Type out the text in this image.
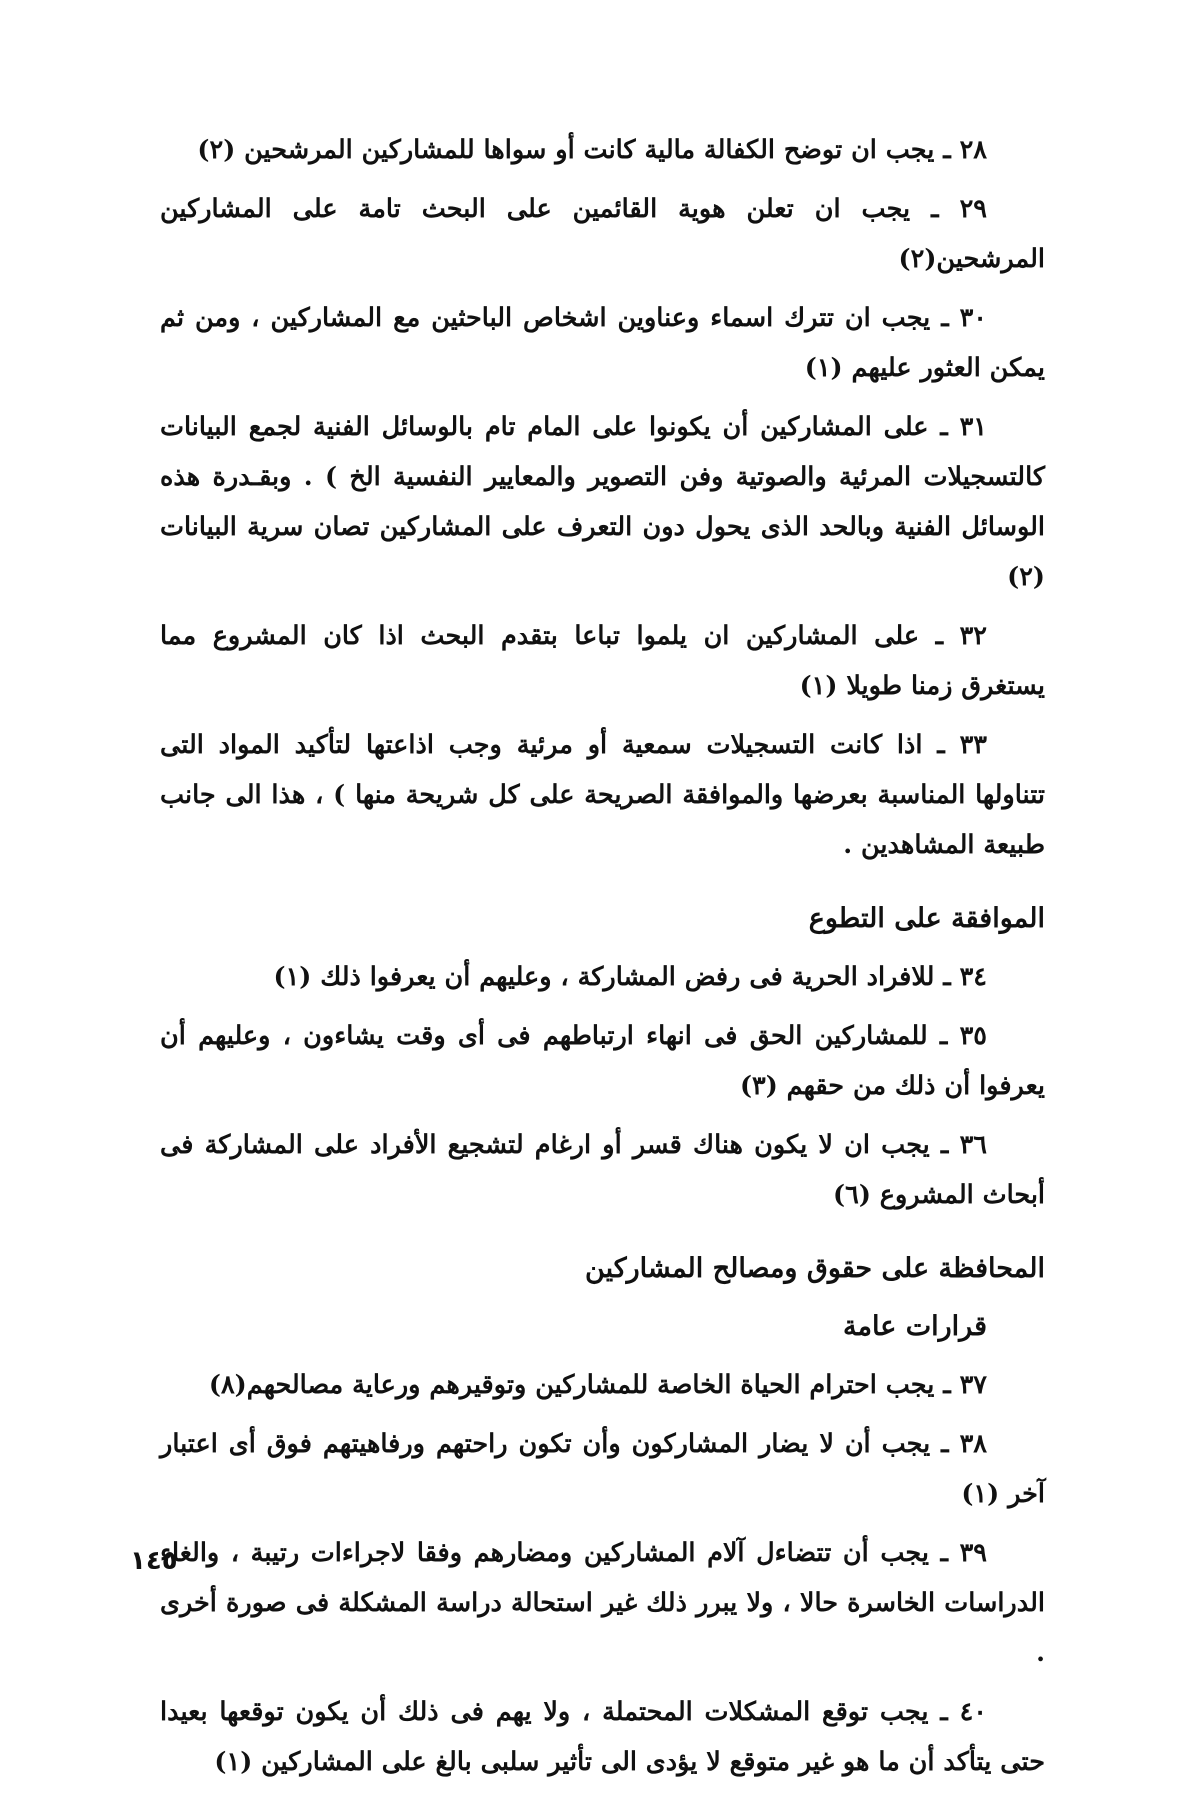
٢٨ ـ يجب ان توضح الكفالة مالية كانت أو سواها للمشاركين المرشحين (٢)

٢٩ ـ يجب ان تعلن هوية القائمين على البحث تامة على المشاركين المرشحين(٢)

٣٠ ـ يجب ان تترك اسماء وعناوين اشخاص الباحثين مع المشاركين ، ومن ثم يمكن العثور عليهم (١)

٣١ ـ على المشاركين أن يكونوا على المام تام بالوسائل الفنية لجمع البيانات كالتسجيلات المرئية والصوتية وفن التصوير والمعايير النفسية الخ ) . وبقـدرة هذه الوسائل الفنية وبالحد الذى يحول دون التعرف على المشاركين تصان سرية البيانات (٢)

٣٢ ـ على المشاركين ان يلموا تباعا بتقدم البحث اذا كان المشروع مما يستغرق زمنا طويلا (١)

٣٣ ـ اذا كانت التسجيلات سمعية أو مرئية وجب اذاعتها لتأكيد المواد التى تتناولها المناسبة بعرضها والموافقة الصريحة على كل شريحة منها ) ، هذا الى جانب طبيعة المشاهدين .

الموافقة على التطوع

٣٤ ـ للافراد الحرية فى رفض المشاركة ، وعليهم أن يعرفوا ذلك (١)

٣٥ ـ للمشاركين الحق فى انهاء ارتباطهم فى أى وقت يشاءون ، وعليهم أن يعرفوا أن ذلك من حقهم (٣)

٣٦ ـ يجب ان لا يكون هناك قسر أو ارغام لتشجيع الأفراد على المشاركة فى أبحاث المشروع (٦)

المحافظة على حقوق ومصالح المشاركين
قرارات عامة

٣٧ ـ يجب احترام الحياة الخاصة للمشاركين وتوقيرهم ورعاية مصالحهم(٨)

٣٨ ـ يجب أن لا يضار المشاركون وأن تكون راحتهم ورفاهيتهم فوق أى اعتبار آخر (١)

٣٩ ـ يجب أن تتضاءل آلام المشاركين ومضارهم وفقا لاجراءات رتيبة ، والغاء الدراسات الخاسرة حالا ، ولا يبرر ذلك غير استحالة دراسة المشكلة فى صورة أخرى .

٤٠ ـ يجب توقع المشكلات المحتملة ، ولا يهم فى ذلك أن يكون توقعها بعيدا حتى يتأكد أن ما هو غير متوقع لا يؤدى الى تأثير سلبى بالغ على المشاركين (١)

١٤٥
